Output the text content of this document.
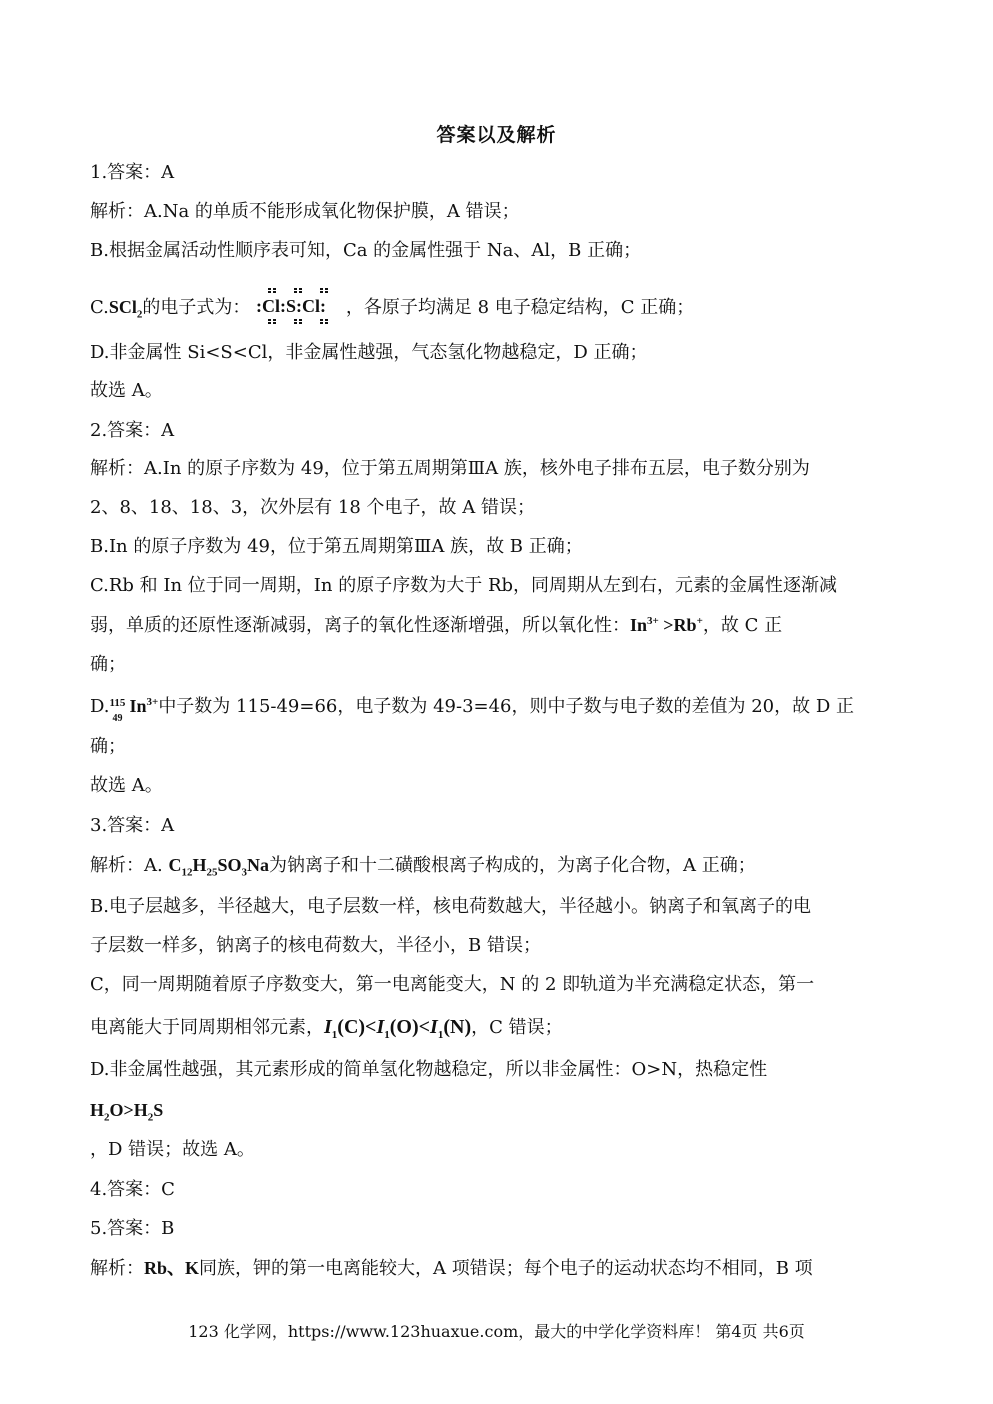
答案以及解析
1.答案：A
解析：A.Na 的单质不能形成氧化物保护膜，A 错误；
B.根据金属活动性顺序表可知，Ca 的金属性强于 Na、Al，B 正确；
C.SCl$_2$的电子式为： :Cl:S:Cl: ，各原子均满足 8 电子稳定结构，C 正确；
D.非金属性 Si<S<Cl，非金属性越强，气态氢化物越稳定，D 正确；
故选 A。
2.答案：A
解析：A.In 的原子序数为 49，位于第五周期第ⅢA 族，核外电子排布五层，电子数分别为
2、8、18、18、3，次外层有 18 个电子，故 A 错误；
B.In 的原子序数为 49，位于第五周期第ⅢA 族，故 B 正确；
C.Rb 和 In 位于同一周期，In 的原子序数为大于 Rb，同周期从左到右，元素的金属性逐渐减
弱，单质的还原性逐渐减弱，离子的氧化性逐渐增强，所以氧化性：$In^{3+} >Rb^+$，故 C 正
确；
D. 115
49
$In^{3+}$中子数为 115-49=66，电子数为 49-3=46，则中子数与电子数的差值为 20，故 D 正
确；
故选 A。
3.答案：A
解析：A. $C_{12}H_{25}SO_3Na$为钠离子和十二磺酸根离子构成的，为离子化合物，A 正确；
B.电子层越多，半径越大，电子层数一样，核电荷数越大，半径越小。钠离子和氧离子的电
子层数一样多，钠离子的核电荷数大，半径小，B 错误；
C，同一周期随着原子序数变大，第一电离能变大，N 的 2 即轨道为半充满稳定状态，第一
电离能大于同周期相邻元素，$I_1(C)<I_1(O)<I_1(N)$，C 错误；
D.非金属性越强，其元素形成的简单氢化物越稳定，所以非金属性：O>N，热稳定性
$H_2O>H_2S$
，D 错误；故选 A。
4.答案：C
5.答案：B
解析：Rb、K同族，钾的第一电离能较大，A 项错误；每个电子的运动状态均不相同，B 项
123 化学网，https://www.123huaxue.com，最大的中学化学资料库！ 第4页 共6页
